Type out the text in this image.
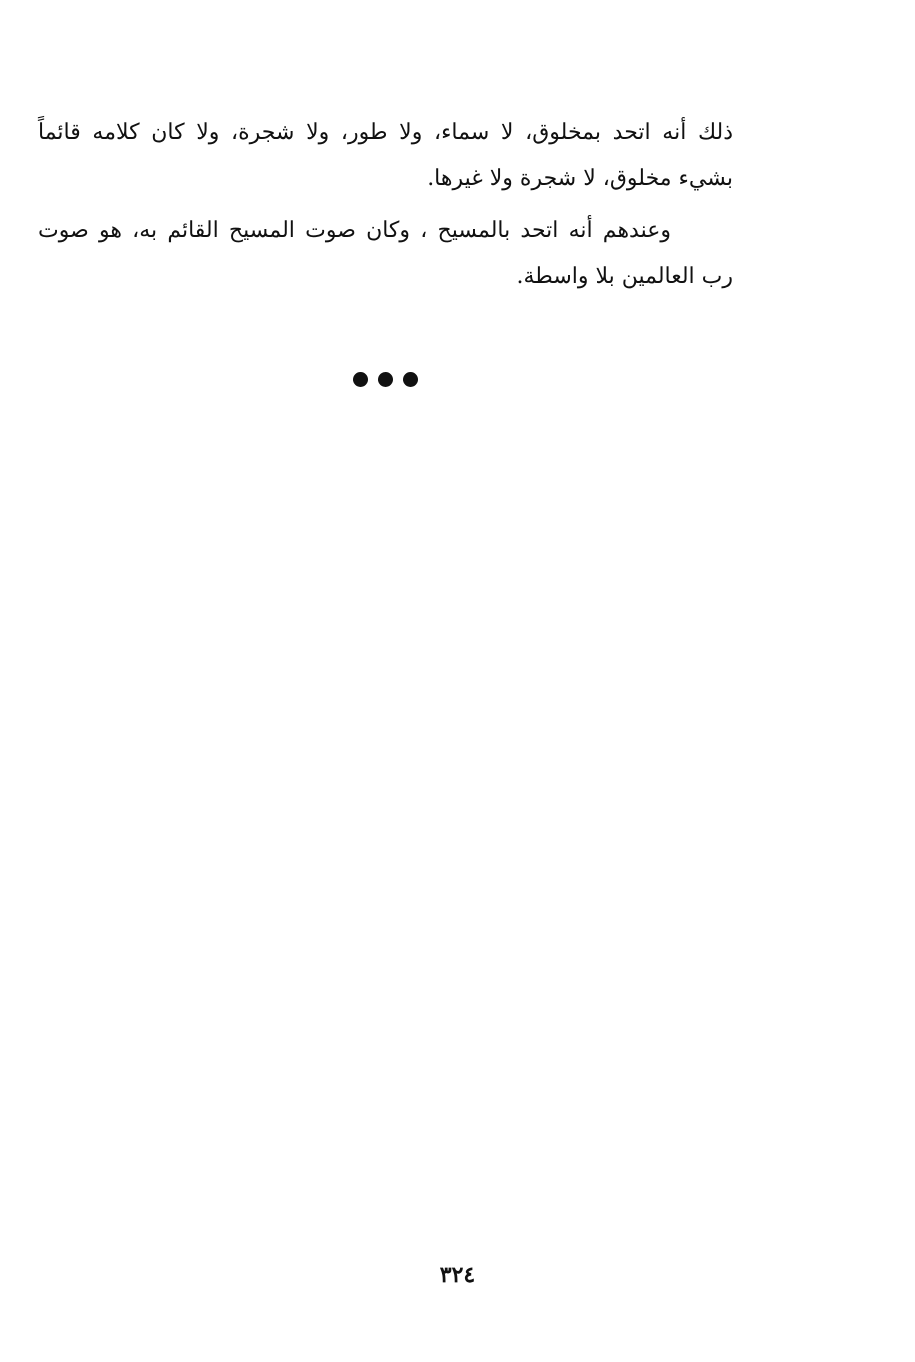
ذلك أنه اتحد بمخلوق، لا سماء، ولا طور، ولا شجرة، ولا كان كلامه قائماً بشيء مخلوق، لا شجرة ولا غيرها.

وعندهم أنه اتحد بالمسيح ، وكان صوت المسيح القائم به، هو صوت رب العالمين بلا واسطة.

٣٢٤
